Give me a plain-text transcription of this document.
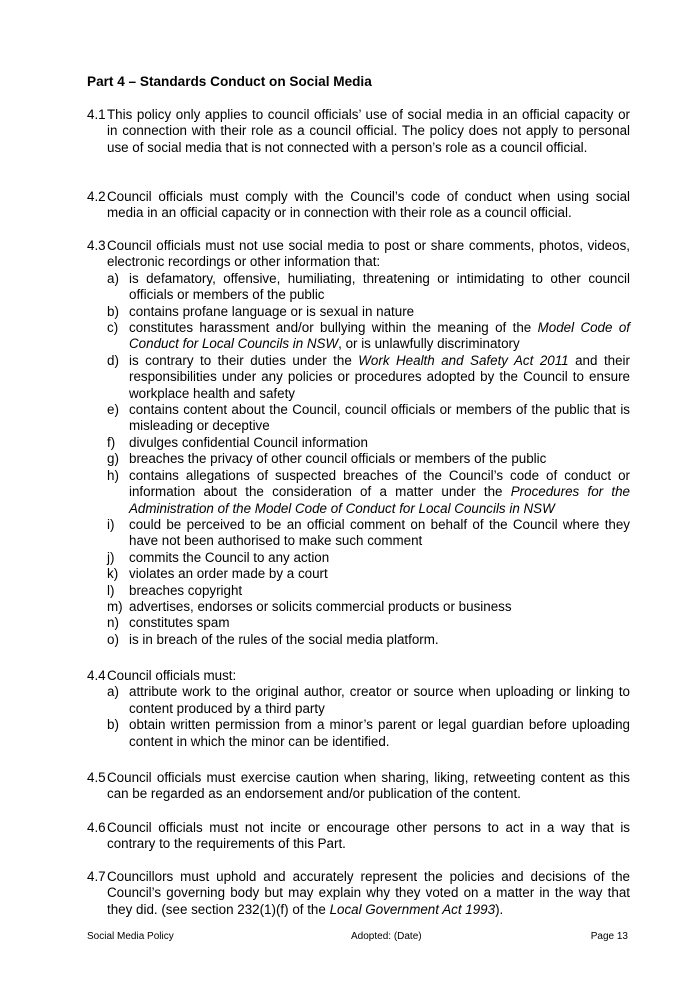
Part 4 – Standards Conduct on Social Media
4.1 This policy only applies to council officials’ use of social media in an official capacity or in connection with their role as a council official. The policy does not apply to personal use of social media that is not connected with a person’s role as a council official.
4.2 Council officials must comply with the Council’s code of conduct when using social media in an official capacity or in connection with their role as a council official.
4.3 Council officials must not use social media to post or share comments, photos, videos, electronic recordings or other information that:
a) is defamatory, offensive, humiliating, threatening or intimidating to other council officials or members of the public
b) contains profane language or is sexual in nature
c) constitutes harassment and/or bullying within the meaning of the Model Code of Conduct for Local Councils in NSW, or is unlawfully discriminatory
d) is contrary to their duties under the Work Health and Safety Act 2011 and their responsibilities under any policies or procedures adopted by the Council to ensure workplace health and safety
e) contains content about the Council, council officials or members of the public that is misleading or deceptive
f)	divulges confidential Council information
g) breaches the privacy of other council officials or members of the public
h) contains allegations of suspected breaches of the Council’s code of conduct or information about the consideration of a matter under the Procedures for the Administration of the Model Code of Conduct for Local Councils in NSW
i)	could be perceived to be an official comment on behalf of the Council where they have not been authorised to make such comment
j)	commits the Council to any action
k) violates an order made by a court
l)	breaches copyright
m) advertises, endorses or solicits commercial products or business
n) constitutes spam
o) is in breach of the rules of the social media platform.
4.4 Council officials must:
a) attribute work to the original author, creator or source when uploading or linking to content produced by a third party
b) obtain written permission from a minor’s parent or legal guardian before uploading content in which the minor can be identified.
4.5 Council officials must exercise caution when sharing, liking, retweeting content as this can be regarded as an endorsement and/or publication of the content.
4.6 Council officials must not incite or encourage other persons to act in a way that is contrary to the requirements of this Part.
4.7 Councillors must uphold and accurately represent the policies and decisions of the Council’s governing body but may explain why they voted on a matter in the way that they did. (see section 232(1)(f) of the Local Government Act 1993).
Social Media Policy	Adopted: (Date)	Page 13
